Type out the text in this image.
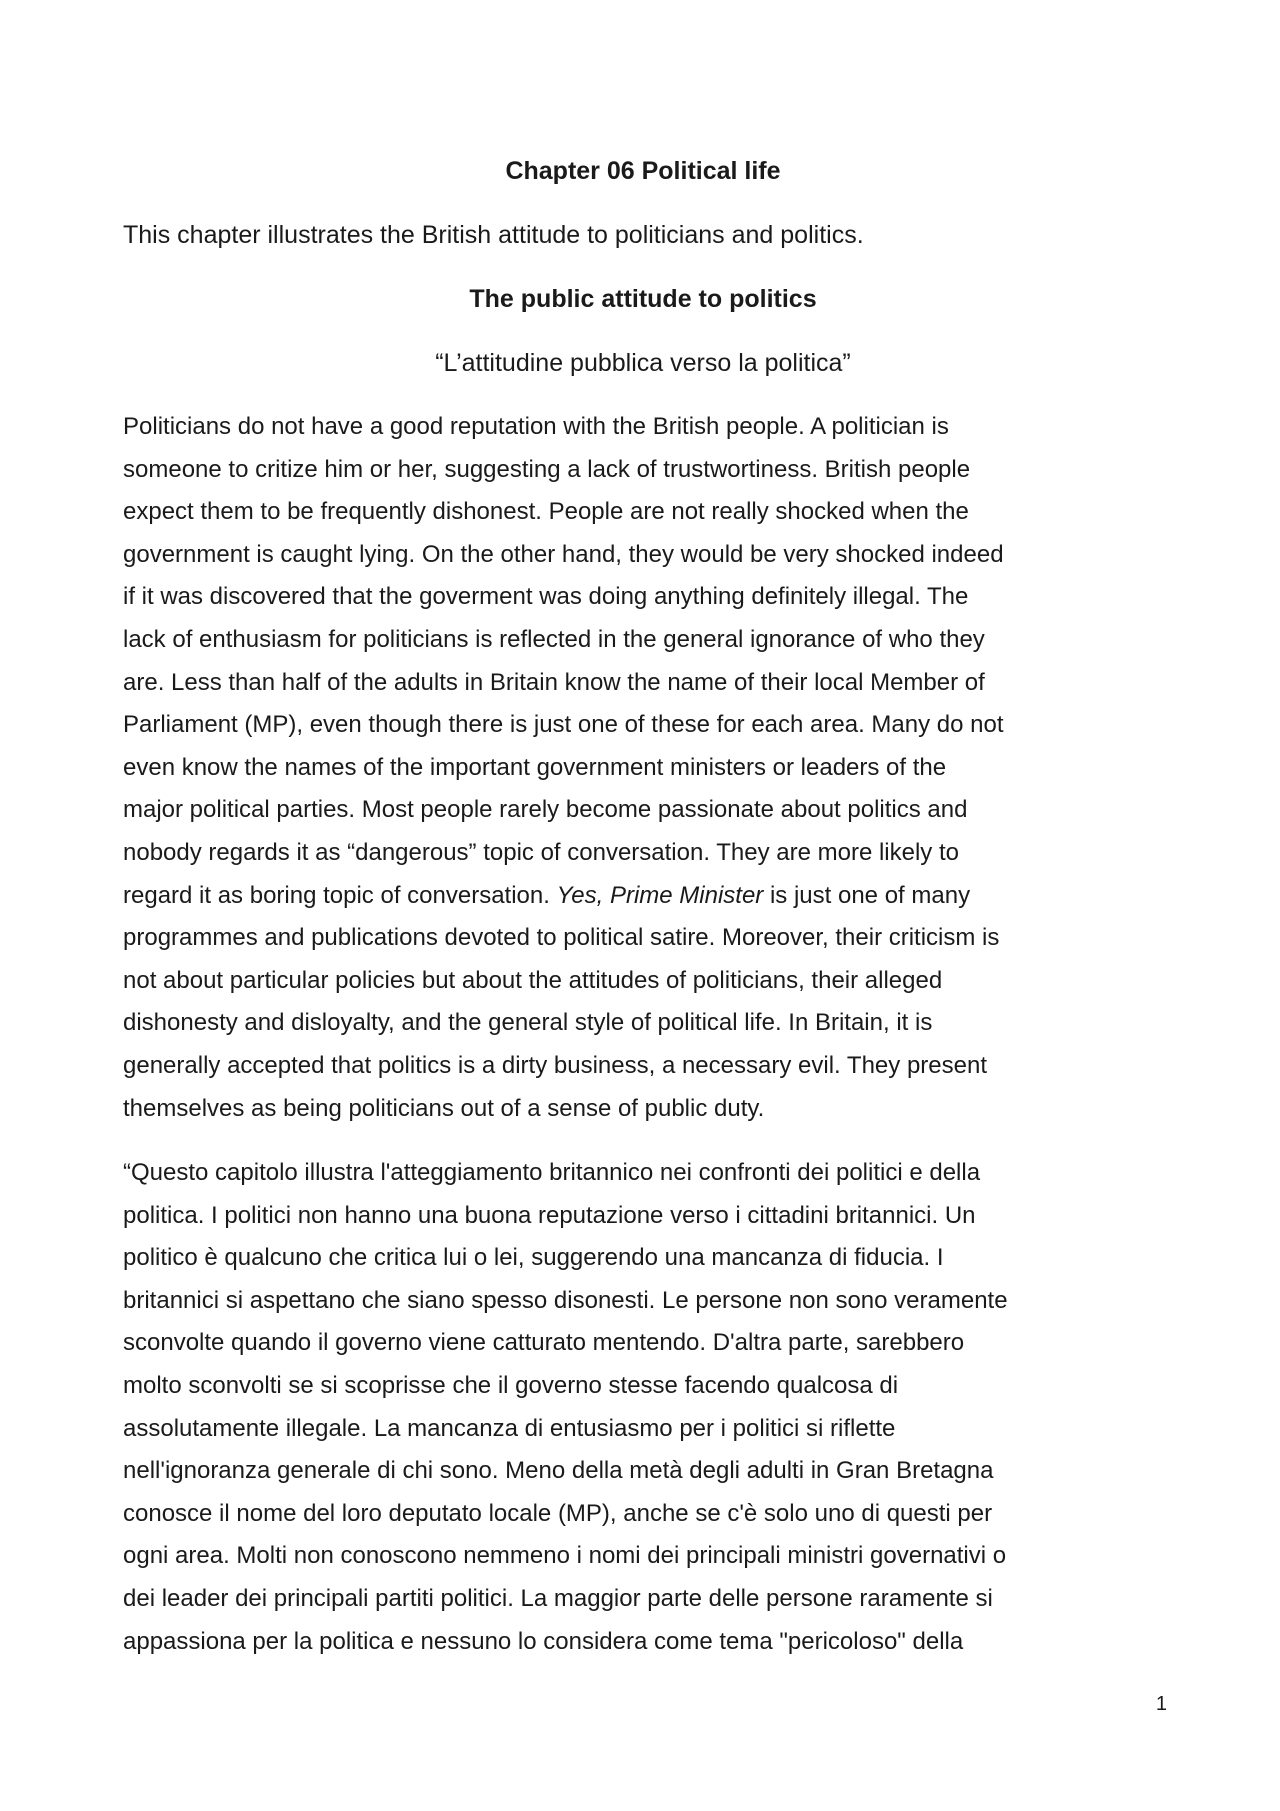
Chapter 06 Political life
This chapter illustrates the British attitude to politicians and politics.
The public attitude to politics
“L’attitudine pubblica verso la politica”
Politicians do not have a good reputation with the British people. A politician is
someone to critize him or her, suggesting a lack of trustwortiness. British people
expect them to be frequently dishonest. People are not really shocked when the
government is caught lying. On the other hand, they would be very shocked indeed
if it was discovered that the goverment was doing anything definitely illegal. The
lack of enthusiasm for politicians is reflected in the general ignorance of who they
are. Less than half of the adults in Britain know the name of their local Member of
Parliament (MP), even though there is just one of these for each area. Many do not
even know the names of the important government ministers or leaders of the
major political parties. Most people rarely become passionate about politics and
nobody regards it as “dangerous” topic of conversation. They are more likely to
regard it as boring topic of conversation. Yes, Prime Minister is just one of many
programmes and publications devoted to political satire. Moreover, their criticism is
not about particular policies but about the attitudes of politicians, their alleged
dishonesty and disloyalty, and the general style of political life. In Britain, it is
generally accepted that politics is a dirty business, a necessary evil. They present
themselves as being politicians out of a sense of public duty.
“Questo capitolo illustra l'atteggiamento britannico nei confronti dei politici e della
politica. I politici non hanno una buona reputazione verso i cittadini britannici. Un
politico è qualcuno che critica lui o lei, suggerendo una mancanza di fiducia. I
britannici si aspettano che siano spesso disonesti. Le persone non sono veramente
sconvolte quando il governo viene catturato mentendo. D'altra parte, sarebbero
molto sconvolti se si scoprisse che il governo stesse facendo qualcosa di
assolutamente illegale. La mancanza di entusiasmo per i politici si riflette
nell'ignoranza generale di chi sono. Meno della metà degli adulti in Gran Bretagna
conosce il nome del loro deputato locale (MP), anche se c'è solo uno di questi per
ogni area. Molti non conoscono nemmeno i nomi dei principali ministri governativi o
dei leader dei principali partiti politici. La maggior parte delle persone raramente si
appassiona per la politica e nessuno lo considera come tema "pericoloso" della
1
